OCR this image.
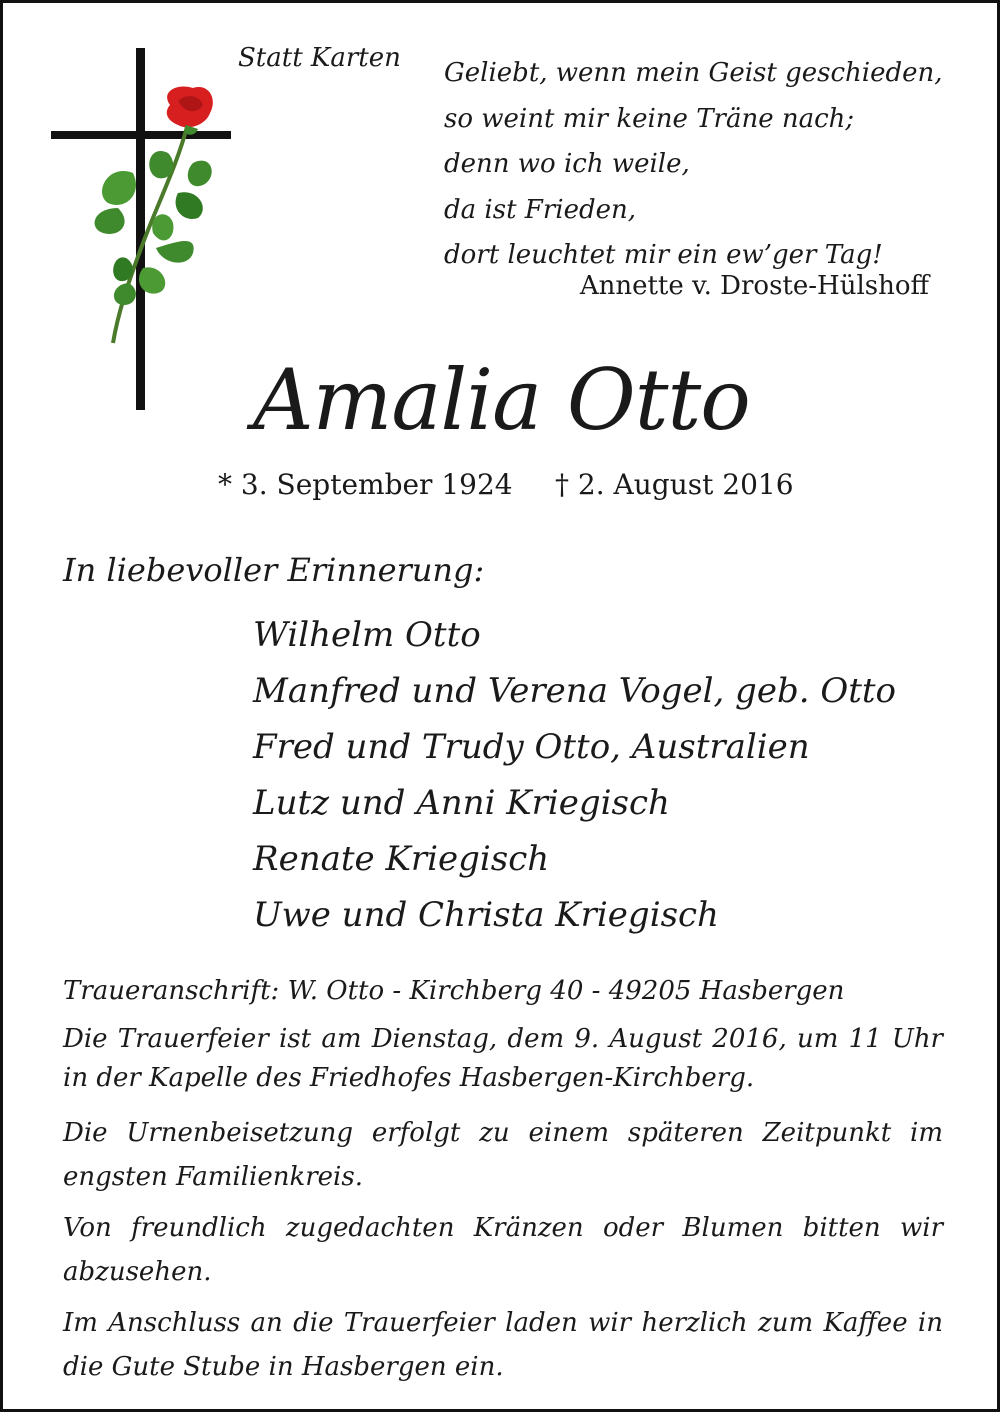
Statt Karten Geliebt, wenn mein Geist geschieden,
so weint mir keine Träne nach;
denn wo ich weile,
da ist Frieden,
dort leuchtet mir ein ew’ger Tag!
Annette v. Droste-Hülshoff
Amalia Otto
* 3. September 1924 † 2. August 2016
In liebevoller Erinnerung:
Wilhelm Otto
Manfred und Verena Vogel, geb. Otto
Fred und Trudy Otto, Australien
Lutz und Anni Kriegisch
Renate Kriegisch
Uwe und Christa Kriegisch
Traueranschrift: W. Otto - Kirchberg 40 - 49205 Hasbergen
Die Trauerfeier ist am Dienstag, dem 9. August 2016, um 11 Uhr in der Kapelle des Friedhofes Hasbergen-Kirchberg.
Die Urnenbeisetzung erfolgt zu einem späteren Zeitpunkt im engsten Familienkreis.
Von freundlich zugedachten Kränzen oder Blumen bitten wir abzusehen.
Im Anschluss an die Trauerfeier laden wir herzlich zum Kaffee in die Gute Stube in Hasbergen ein.
